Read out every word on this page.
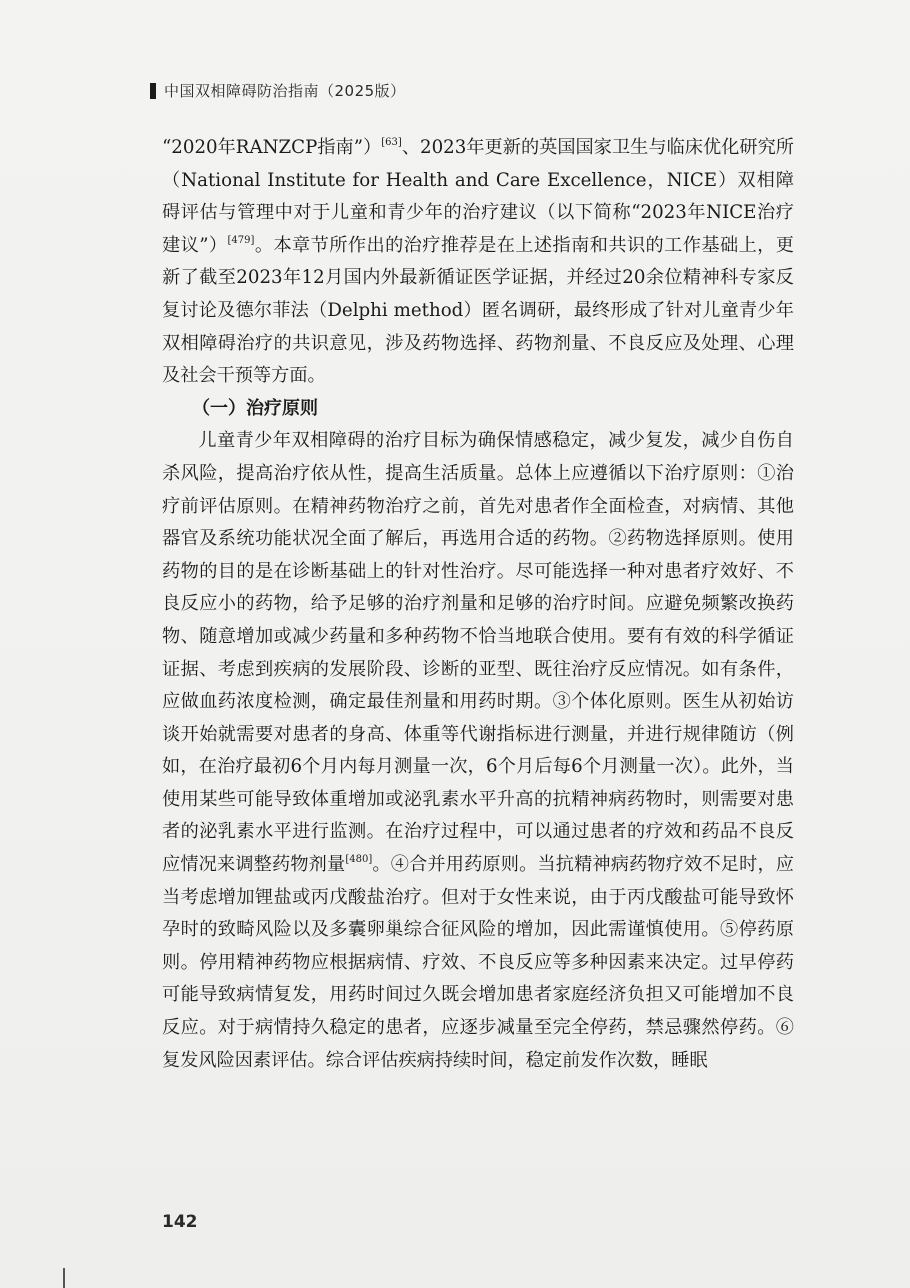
中国双相障碍防治指南（2025版）

“2020年RANZCP指南”）[63]、2023年更新的英国国家卫生与临床优化研究所（National Institute for Health and Care Excellence，NICE）双相障碍评估与管理中对于儿童和青少年的治疗建议（以下简称“2023年NICE治疗建议”）[479]。本章节所作出的治疗推荐是在上述指南和共识的工作基础上，更新了截至2023年12月国内外最新循证医学证据，并经过20余位精神科专家反复讨论及德尔菲法（Delphi method）匿名调研，最终形成了针对儿童青少年双相障碍治疗的共识意见，涉及药物选择、药物剂量、不良反应及处理、心理及社会干预等方面。

（一）治疗原则

儿童青少年双相障碍的治疗目标为确保情感稳定，减少复发，减少自伤自杀风险，提高治疗依从性，提高生活质量。总体上应遵循以下治疗原则：①治疗前评估原则。在精神药物治疗之前，首先对患者作全面检查，对病情、其他器官及系统功能状况全面了解后，再选用合适的药物。②药物选择原则。使用药物的目的是在诊断基础上的针对性治疗。尽可能选择一种对患者疗效好、不良反应小的药物，给予足够的治疗剂量和足够的治疗时间。应避免频繁改换药物、随意增加或减少药量和多种药物不恰当地联合使用。要有有效的科学循证证据、考虑到疾病的发展阶段、诊断的亚型、既往治疗反应情况。如有条件，应做血药浓度检测，确定最佳剂量和用药时期。③个体化原则。医生从初始访谈开始就需要对患者的身高、体重等代谢指标进行测量，并进行规律随访（例如，在治疗最初6个月内每月测量一次，6个月后每6个月测量一次）。此外，当使用某些可能导致体重增加或泌乳素水平升高的抗精神病药物时，则需要对患者的泌乳素水平进行监测。在治疗过程中，可以通过患者的疗效和药品不良反应情况来调整药物剂量[480]。④合并用药原则。当抗精神病药物疗效不足时，应当考虑增加锂盐或丙戊酸盐治疗。但对于女性来说，由于丙戊酸盐可能导致怀孕时的致畸风险以及多囊卵巢综合征风险的增加，因此需谨慎使用。⑤停药原则。停用精神药物应根据病情、疗效、不良反应等多种因素来决定。过早停药可能导致病情复发，用药时间过久既会增加患者家庭经济负担又可能增加不良反应。对于病情持久稳定的患者，应逐步减量至完全停药，禁忌骤然停药。⑥复发风险因素评估。综合评估疾病持续时间，稳定前发作次数，睡眠

142
